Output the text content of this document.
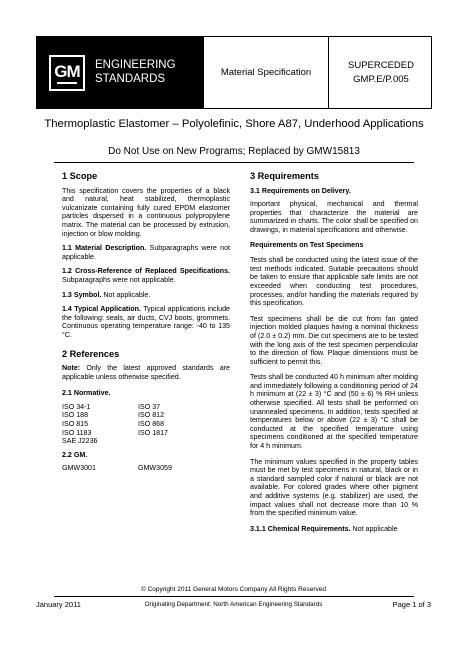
GM	ENGINEERING
STANDARDS
Material Specification
SUPERCEDED
GMP.E/P.005
Thermoplastic Elastomer – Polyolefinic, Shore A87, Underhood Applications
Do Not Use on New Programs; Replaced by GMW15813
1 Scope

This specification covers the properties of a black and natural, heat stabilized, thermoplastic vulcanizate containing fully cured EPDM elastomer particles dispersed in a continuous polypropylene matrix. The material can be processed by extrusion, injection or blow molding.

1.1 Material Description. Subparagraphs were not applicable.

1.2 Cross-Reference of Replaced Specifications. Subparagraphs were not applicable.

1.3 Symbol. Not applicable.

1.4 Typical Application. Typical applications include the following: seals, air ducts, CVJ boots, grommets. Continuous operating temperature range: -40 to 135 °C.

2 References

Note: Only the latest approved standards are applicable unless otherwise specified.

2.1 Normative.
ISO 34-1	ISO 37
ISO 188	ISO 812
ISO 815	ISO 868
ISO 1183	ISO 1817
SAE J2236
2.2 GM.
GMW3001	GMW3059
3 Requirements
3.1 Requirements on Delivery.

Important physical, mechanical and thermal properties that characterize the material are summarized in charts. The color shall be specified on drawings, in material specifications and otherwise.

Requirements on Test Specimens

Tests shall be conducted using the latest issue of the test methods indicated. Suitable precautions should be taken to ensure that applicable safe limits are not exceeded when conducting test procedures, processes, and/or handling the materials required by this specification.

Test specimens shall be die cut from fan gated injection molded plaques having a nominal thickness of (2.0 ± 0.2) mm. Die cut specimens are to be tested with the long axis of the test specimen perpendicular to the direction of flow. Plaque dimensions must be sufficient to permit this.

Tests shall be conducted 40 h minimum after molding and immediately following a conditioning period of 24 h minimum at (22 ± 3) °C and (50 ± 6) % RH unless otherwise specified. All tests shall be performed on unannealed specimens. In addition, tests specified at temperatures below or above (22 ± 3) °C shall be conducted at the specified temperature using specimens conditioned at the specified temperature for 4 h minimum.

The minimum values specified in the property tables must be met by test specimens in natural, black or in a standard sampled color if natural or black are not available. For colored grades where other pigment and additive systems (e.g. stabilizer) are used, the impact values shall not decrease more than 10 % from the specified minimum value.

3.1.1 Chemical Requirements. Not applicable

© Copyright 2011 General Motors Company All Rights Reserved
January 2011	Originating Department: North American Engineering Standards	Page 1 of 3
